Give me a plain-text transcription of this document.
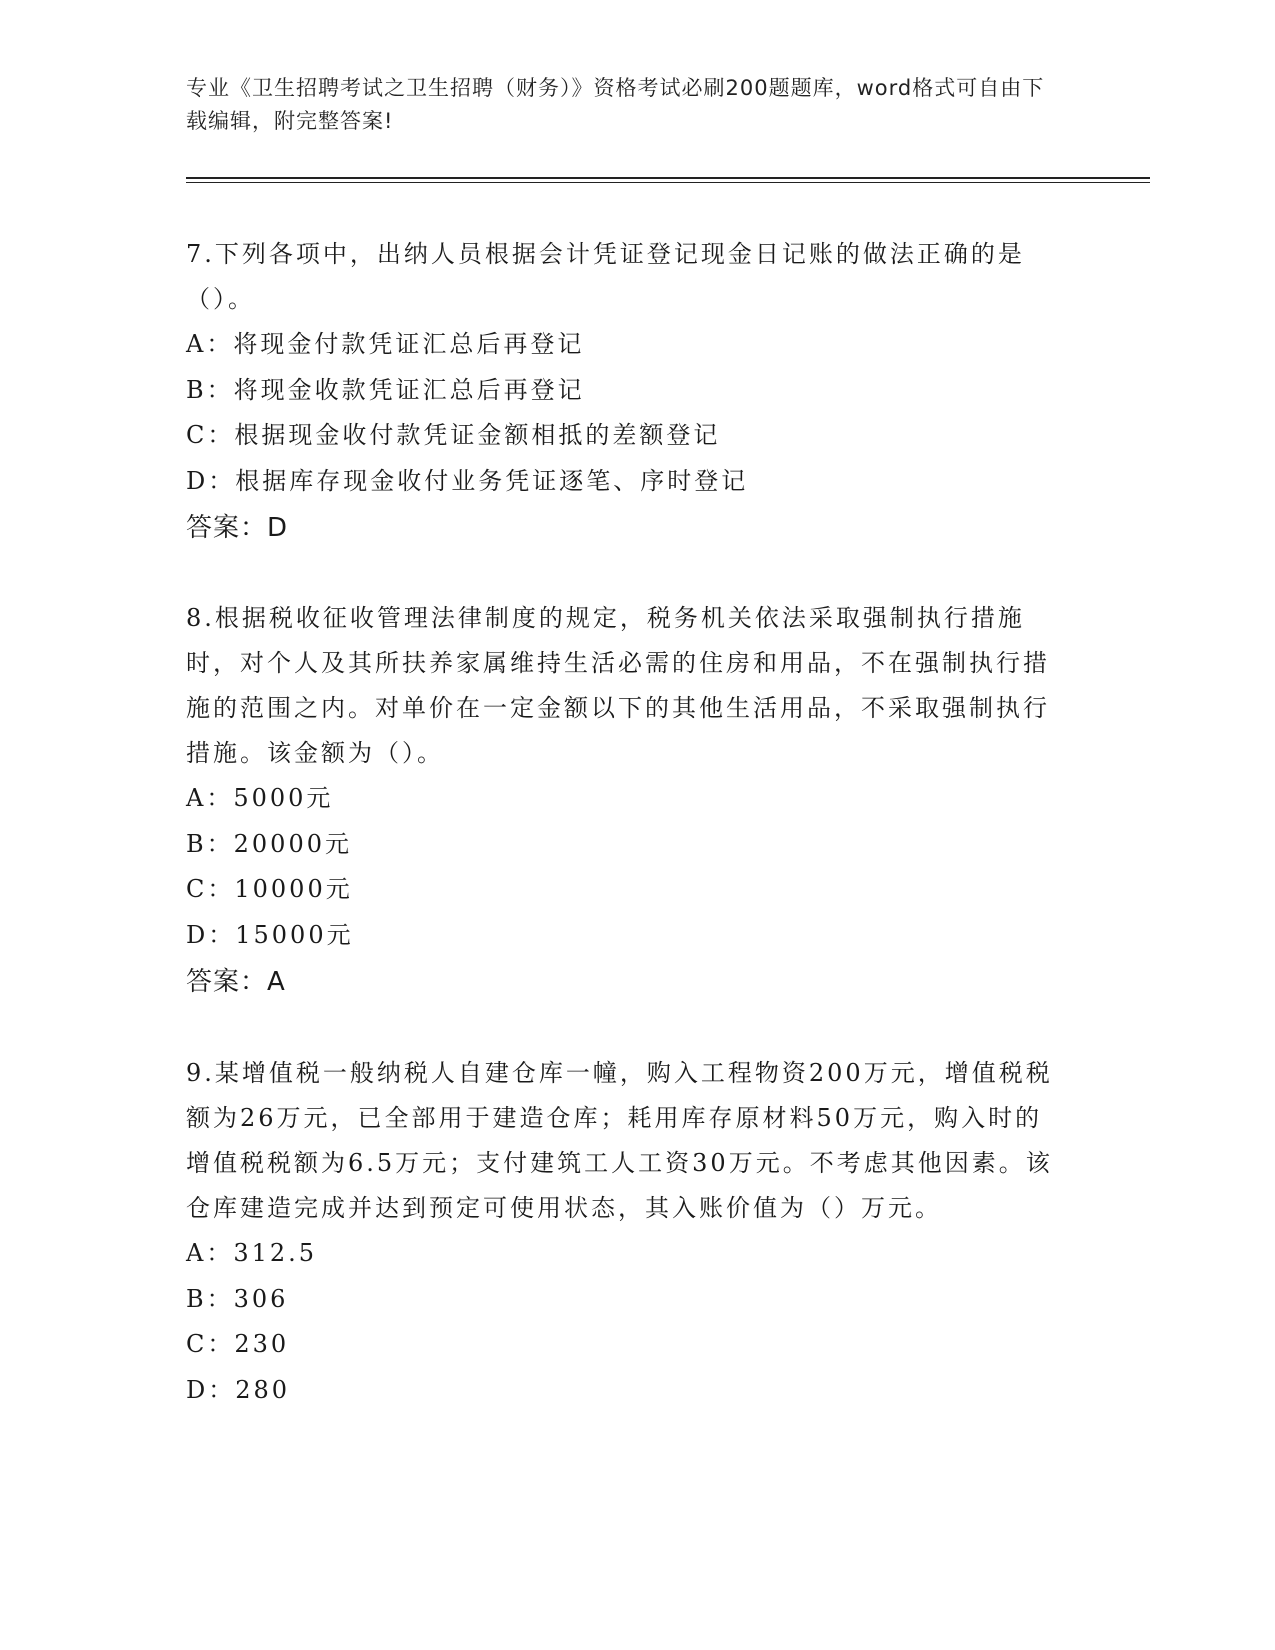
专业《卫生招聘考试之卫生招聘（财务）》资格考试必刷200题题库，word格式可自由下载编辑，附完整答案!

7.下列各项中，出纳人员根据会计凭证登记现金日记账的做法正确的是（）。

A：将现金付款凭证汇总后再登记

B：将现金收款凭证汇总后再登记

C：根据现金收付款凭证金额相抵的差额登记

D：根据库存现金收付业务凭证逐笔、序时登记

答案：D

8.根据税收征收管理法律制度的规定，税务机关依法采取强制执行措施时，对个人及其所扶养家属维持生活必需的住房和用品，不在强制执行措施的范围之内。对单价在一定金额以下的其他生活用品，不采取强制执行措施。该金额为（）。

A：5000元

B：20000元

C：10000元

D：15000元

答案：A

9.某增值税一般纳税人自建仓库一幢，购入工程物资200万元，增值税税额为26万元，已全部用于建造仓库；耗用库存原材料50万元，购入时的增值税税额为6.5万元；支付建筑工人工资30万元。不考虑其他因素。该仓库建造完成并达到预定可使用状态，其入账价值为（）万元。

A：312.5

B：306

C：230

D：280
